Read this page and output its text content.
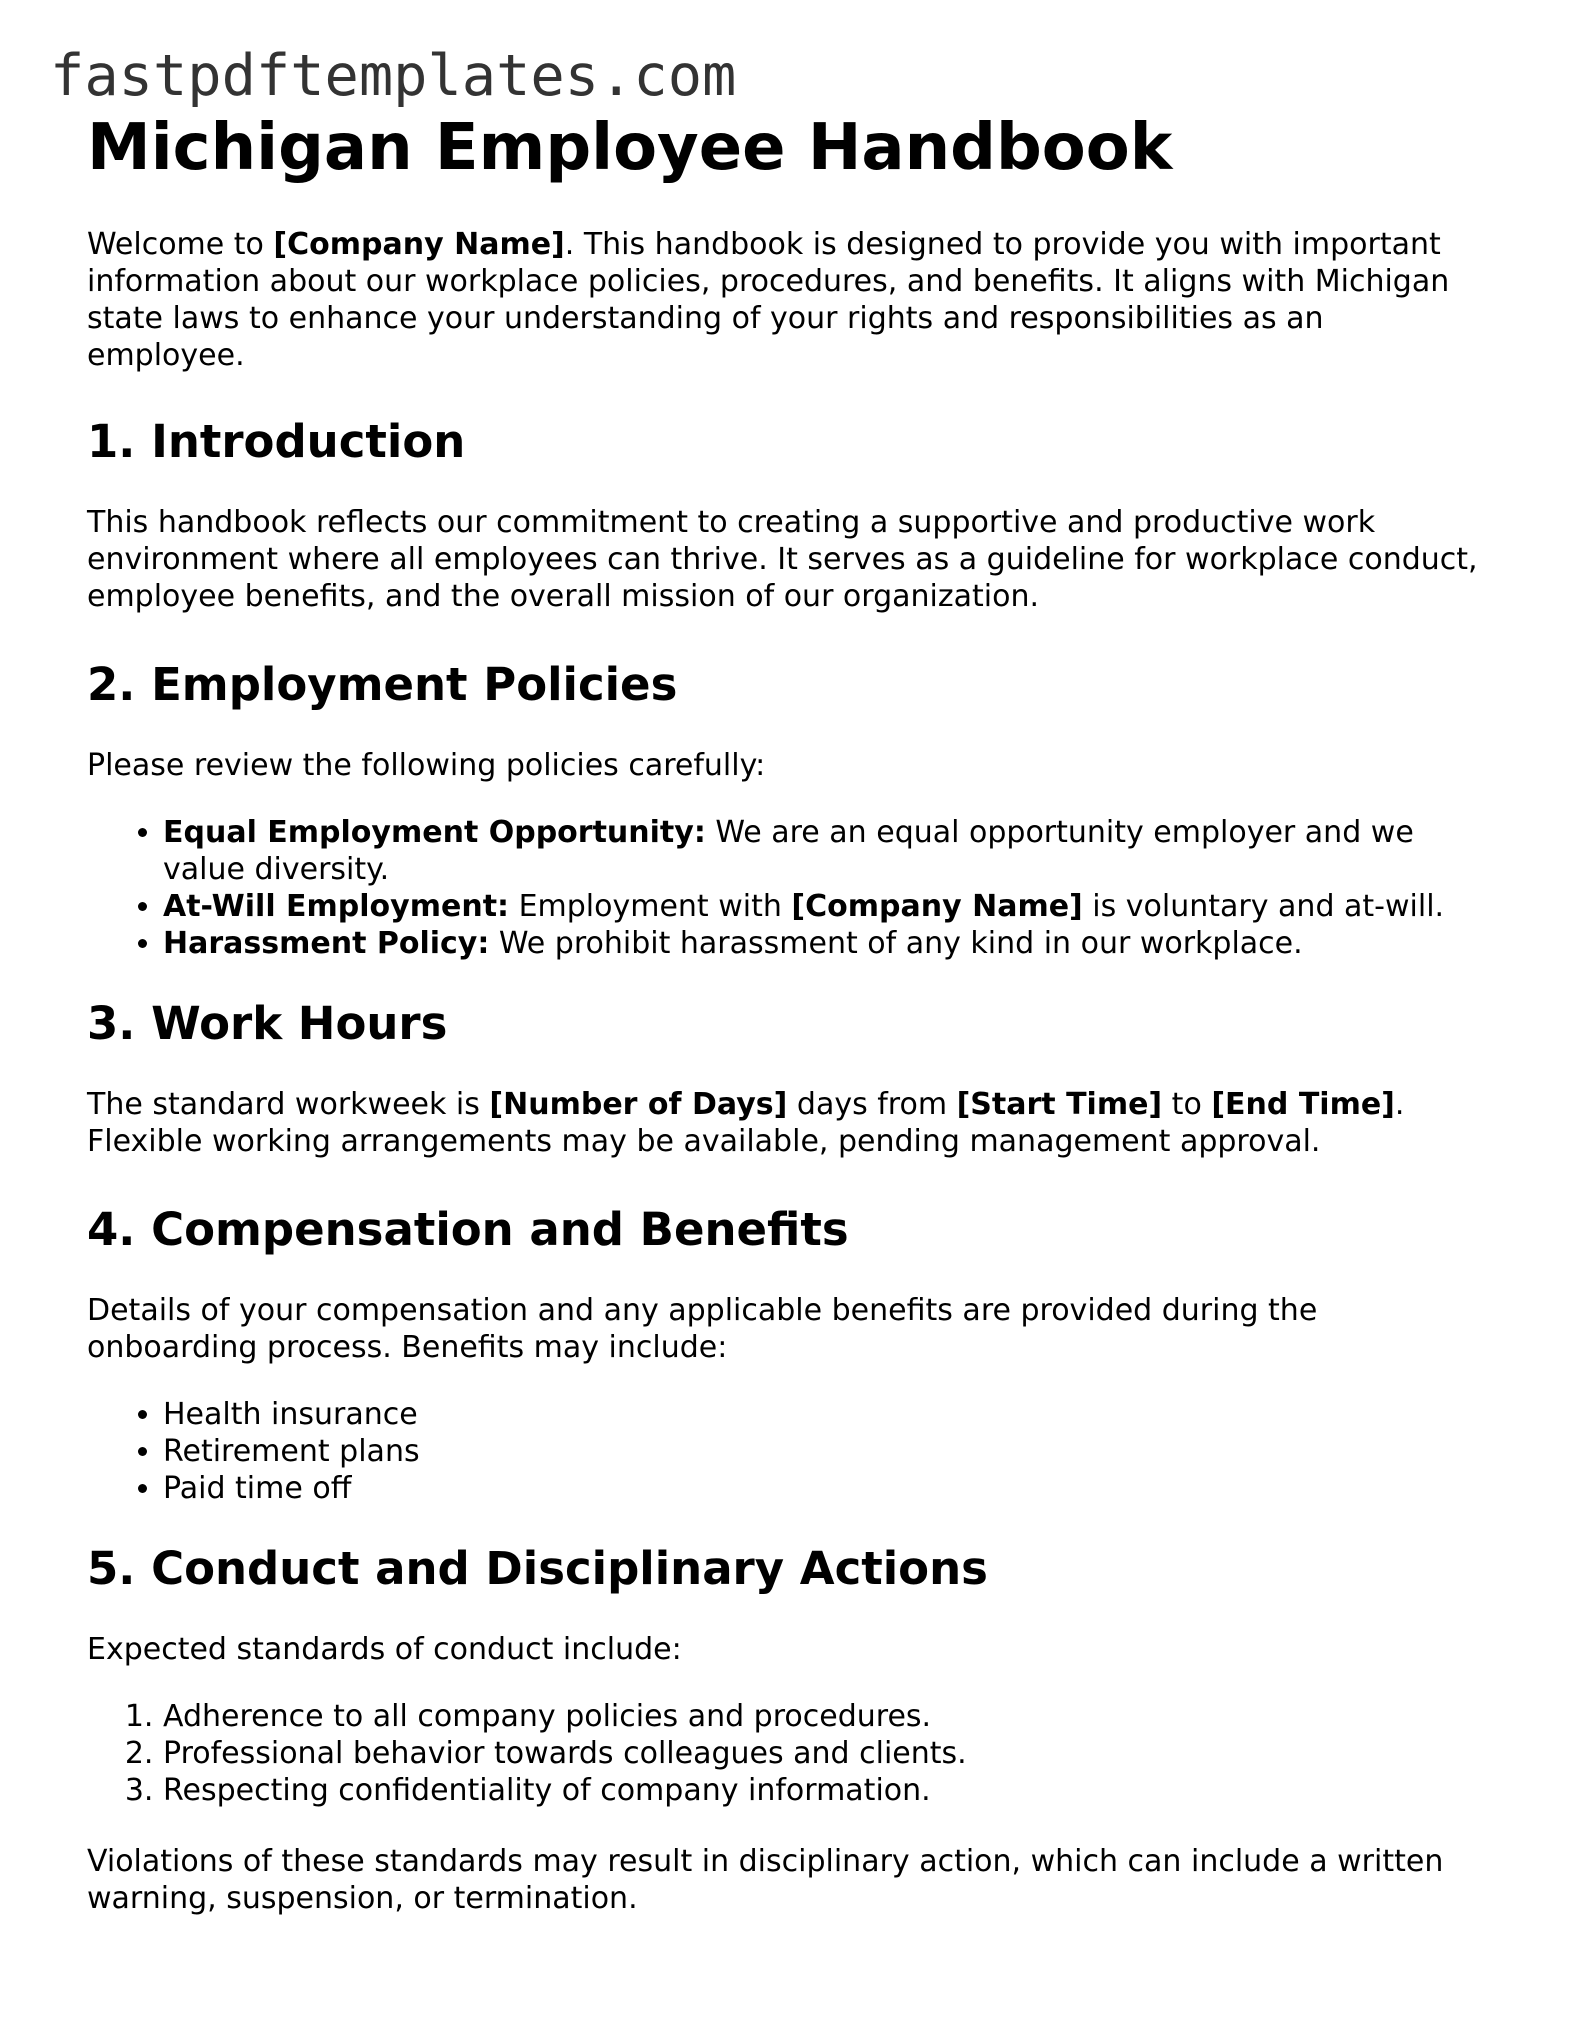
fastpdftemplates.com
Michigan Employee Handbook

Welcome to [Company Name]. This handbook is designed to provide you with important information about our workplace policies, procedures, and benefits. It aligns with Michigan state laws to enhance your understanding of your rights and responsibilities as an employee.

1. Introduction

This handbook reflects our commitment to creating a supportive and productive work environment where all employees can thrive. It serves as a guideline for workplace conduct, employee benefits, and the overall mission of our organization.

2. Employment Policies

Please review the following policies carefully:

• Equal Employment Opportunity: We are an equal opportunity employer and we value diversity.
• At-Will Employment: Employment with [Company Name] is voluntary and at-will.
• Harassment Policy: We prohibit harassment of any kind in our workplace.
3. Work Hours

The standard workweek is [Number of Days] days from [Start Time] to [End Time]. Flexible working arrangements may be available, pending management approval.

4. Compensation and Benefits

Details of your compensation and any applicable benefits are provided during the onboarding process. Benefits may include:

• Health insurance
• Retirement plans
• Paid time off
5. Conduct and Disciplinary Actions

Expected standards of conduct include:

1. Adherence to all company policies and procedures.
2. Professional behavior towards colleagues and clients.
3. Respecting confidentiality of company information.

Violations of these standards may result in disciplinary action, which can include a written warning, suspension, or termination.
